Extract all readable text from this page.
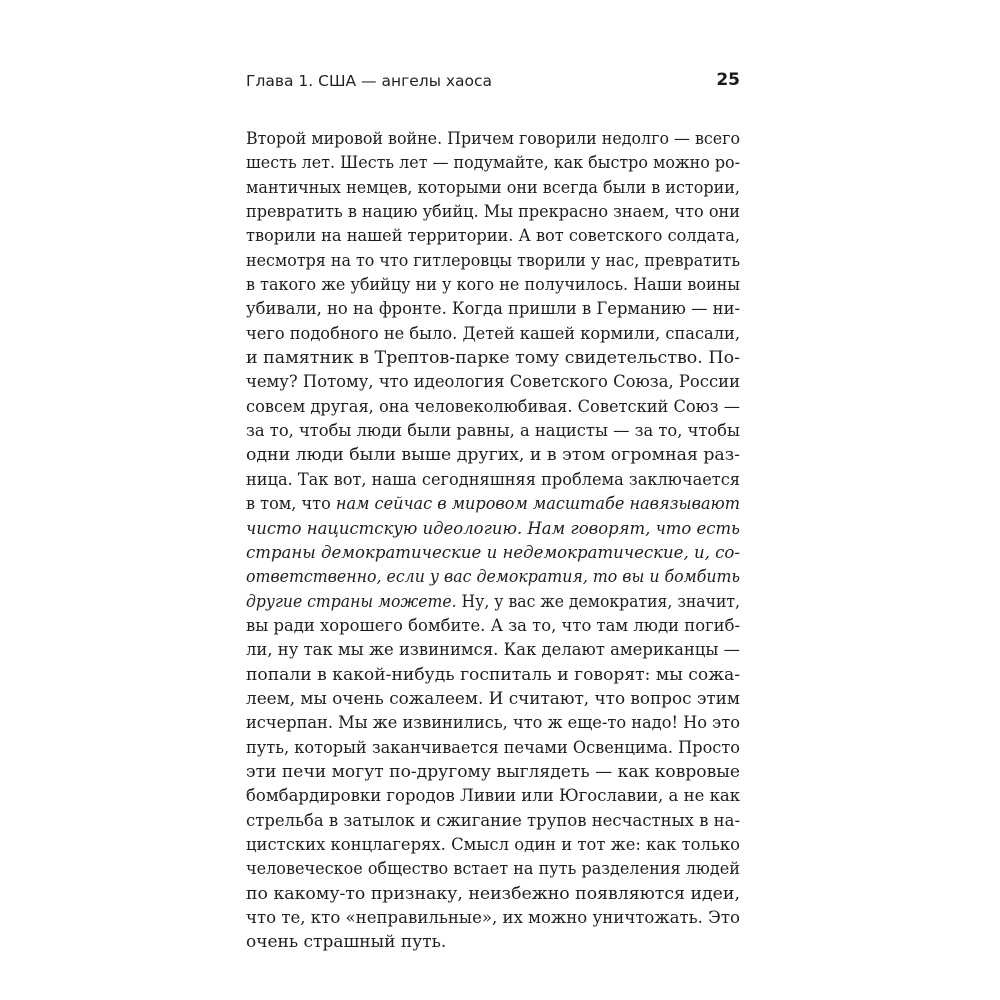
Глава 1. США — ангелы хаоса	25
Второй мировой войне. Причем говорили недолго — всего
шесть лет. Шесть лет — подумайте, как быстро можно ро-
мантичных немцев, которыми они всегда были в истории,
превратить в нацию убийц. Мы прекрасно знаем, что они
творили на нашей территории. А вот советского солдата,
несмотря на то что гитлеровцы творили у нас, превратить
в такого же убийцу ни у кого не получилось. Наши воины
убивали, но на фронте. Когда пришли в Германию — ни-
чего подобного не было. Детей кашей кормили, спасали,
и памятник в Трептов-парке тому свидетельство. По-
чему? Потому, что идеология Советского Союза, России
совсем другая, она человеколюбивая. Советский Союз —
за то, чтобы люди были равны, а нацисты — за то, чтобы
одни люди были выше других, и в этом огромная раз-
ница. Так вот, наша сегодняшняя проблема заключается
в том, что нам сейчас в мировом масштабе навязывают
чисто нацистскую идеологию. Нам говорят, что есть
страны демократические и недемократические, и, со-
ответственно, если у вас демократия, то вы и бомбить
другие страны можете. Ну, у вас же демократия, значит,
вы ради хорошего бомбите. А за то, что там люди погиб-
ли, ну так мы же извинимся. Как делают американцы —
попали в какой-нибудь госпиталь и говорят: мы сожа-
леем, мы очень сожалеем. И считают, что вопрос этим
исчерпан. Мы же извинились, что ж еще-то надо! Но это
путь, который заканчивается печами Освенцима. Просто
эти печи могут по-другому выглядеть — как ковровые
бомбардировки городов Ливии или Югославии, а не как
стрельба в затылок и сжигание трупов несчастных в на-
цистских концлагерях. Смысл один и тот же: как только
человеческое общество встает на путь разделения людей
по какому-то признаку, неизбежно появляются идеи,
что те, кто «неправильные», их можно уничтожать. Это
очень страшный путь.
